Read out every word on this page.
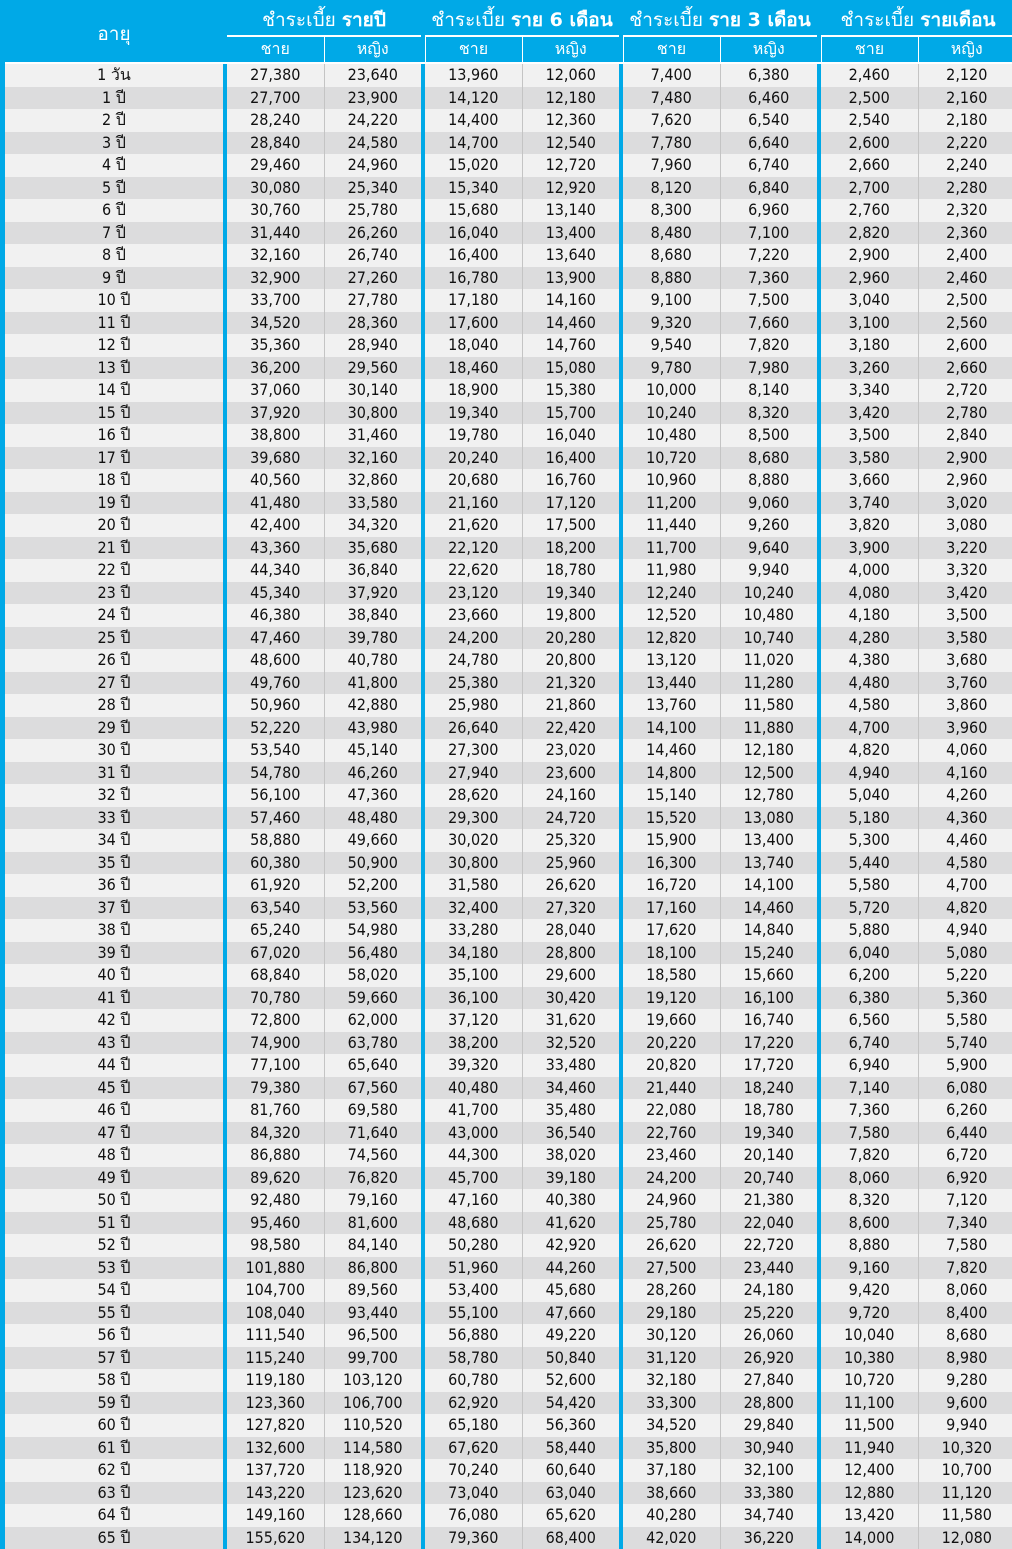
อายุ		ชำระเบี้ย รายปี			ชำระเบี้ย ราย 6 เดือน			ชำระเบี้ย ราย 3 เดือน			ชำระเบี้ย รายเดือน	
		ชาย	หญิง		ชาย	หญิง		ชาย	หญิง		ชาย	หญิง
1 วัน		27,380	23,640		13,960	12,060		7,400	6,380		2,460	2,120
1 ปี		27,700	23,900		14,120	12,180		7,480	6,460		2,500	2,160
2 ปี		28,240	24,220		14,400	12,360		7,620	6,540		2,540	2,180
3 ปี		28,840	24,580		14,700	12,540		7,780	6,640		2,600	2,220
4 ปี		29,460	24,960		15,020	12,720		7,960	6,740		2,660	2,240
5 ปี		30,080	25,340		15,340	12,920		8,120	6,840		2,700	2,280
6 ปี		30,760	25,780		15,680	13,140		8,300	6,960		2,760	2,320
7 ปี		31,440	26,260		16,040	13,400		8,480	7,100		2,820	2,360
8 ปี		32,160	26,740		16,400	13,640		8,680	7,220		2,900	2,400
9 ปี		32,900	27,260		16,780	13,900		8,880	7,360		2,960	2,460
10 ปี		33,700	27,780		17,180	14,160		9,100	7,500		3,040	2,500
11 ปี		34,520	28,360		17,600	14,460		9,320	7,660		3,100	2,560
12 ปี		35,360	28,940		18,040	14,760		9,540	7,820		3,180	2,600
13 ปี		36,200	29,560		18,460	15,080		9,780	7,980		3,260	2,660
14 ปี		37,060	30,140		18,900	15,380		10,000	8,140		3,340	2,720
15 ปี		37,920	30,800		19,340	15,700		10,240	8,320		3,420	2,780
16 ปี		38,800	31,460		19,780	16,040		10,480	8,500		3,500	2,840
17 ปี		39,680	32,160		20,240	16,400		10,720	8,680		3,580	2,900
18 ปี		40,560	32,860		20,680	16,760		10,960	8,880		3,660	2,960
19 ปี		41,480	33,580		21,160	17,120		11,200	9,060		3,740	3,020
20 ปี		42,400	34,320		21,620	17,500		11,440	9,260		3,820	3,080
21 ปี		43,360	35,680		22,120	18,200		11,700	9,640		3,900	3,220
22 ปี		44,340	36,840		22,620	18,780		11,980	9,940		4,000	3,320
23 ปี		45,340	37,920		23,120	19,340		12,240	10,240		4,080	3,420
24 ปี		46,380	38,840		23,660	19,800		12,520	10,480		4,180	3,500
25 ปี		47,460	39,780		24,200	20,280		12,820	10,740		4,280	3,580
26 ปี		48,600	40,780		24,780	20,800		13,120	11,020		4,380	3,680
27 ปี		49,760	41,800		25,380	21,320		13,440	11,280		4,480	3,760
28 ปี		50,960	42,880		25,980	21,860		13,760	11,580		4,580	3,860
29 ปี		52,220	43,980		26,640	22,420		14,100	11,880		4,700	3,960
30 ปี		53,540	45,140		27,300	23,020		14,460	12,180		4,820	4,060
31 ปี		54,780	46,260		27,940	23,600		14,800	12,500		4,940	4,160
32 ปี		56,100	47,360		28,620	24,160		15,140	12,780		5,040	4,260
33 ปี		57,460	48,480		29,300	24,720		15,520	13,080		5,180	4,360
34 ปี		58,880	49,660		30,020	25,320		15,900	13,400		5,300	4,460
35 ปี		60,380	50,900		30,800	25,960		16,300	13,740		5,440	4,580
36 ปี		61,920	52,200		31,580	26,620		16,720	14,100		5,580	4,700
37 ปี		63,540	53,560		32,400	27,320		17,160	14,460		5,720	4,820
38 ปี		65,240	54,980		33,280	28,040		17,620	14,840		5,880	4,940
39 ปี		67,020	56,480		34,180	28,800		18,100	15,240		6,040	5,080
40 ปี		68,840	58,020		35,100	29,600		18,580	15,660		6,200	5,220
41 ปี		70,780	59,660		36,100	30,420		19,120	16,100		6,380	5,360
42 ปี		72,800	62,000		37,120	31,620		19,660	16,740		6,560	5,580
43 ปี		74,900	63,780		38,200	32,520		20,220	17,220		6,740	5,740
44 ปี		77,100	65,640		39,320	33,480		20,820	17,720		6,940	5,900
45 ปี		79,380	67,560		40,480	34,460		21,440	18,240		7,140	6,080
46 ปี		81,760	69,580		41,700	35,480		22,080	18,780		7,360	6,260
47 ปี		84,320	71,640		43,000	36,540		22,760	19,340		7,580	6,440
48 ปี		86,880	74,560		44,300	38,020		23,460	20,140		7,820	6,720
49 ปี		89,620	76,820		45,700	39,180		24,200	20,740		8,060	6,920
50 ปี		92,480	79,160		47,160	40,380		24,960	21,380		8,320	7,120
51 ปี		95,460	81,600		48,680	41,620		25,780	22,040		8,600	7,340
52 ปี		98,580	84,140		50,280	42,920		26,620	22,720		8,880	7,580
53 ปี		101,880	86,800		51,960	44,260		27,500	23,440		9,160	7,820
54 ปี		104,700	89,560		53,400	45,680		28,260	24,180		9,420	8,060
55 ปี		108,040	93,440		55,100	47,660		29,180	25,220		9,720	8,400
56 ปี		111,540	96,500		56,880	49,220		30,120	26,060		10,040	8,680
57 ปี		115,240	99,700		58,780	50,840		31,120	26,920		10,380	8,980
58 ปี		119,180	103,120		60,780	52,600		32,180	27,840		10,720	9,280
59 ปี		123,360	106,700		62,920	54,420		33,300	28,800		11,100	9,600
60 ปี		127,820	110,520		65,180	56,360		34,520	29,840		11,500	9,940
61 ปี		132,600	114,580		67,620	58,440		35,800	30,940		11,940	10,320
62 ปี		137,720	118,920		70,240	60,640		37,180	32,100		12,400	10,700
63 ปี		143,220	123,620		73,040	63,040		38,660	33,380		12,880	11,120
64 ปี		149,160	128,660		76,080	65,620		40,280	34,740		13,420	11,580
65 ปี		155,620	134,120		79,360	68,400		42,020	36,220		14,000	12,080
